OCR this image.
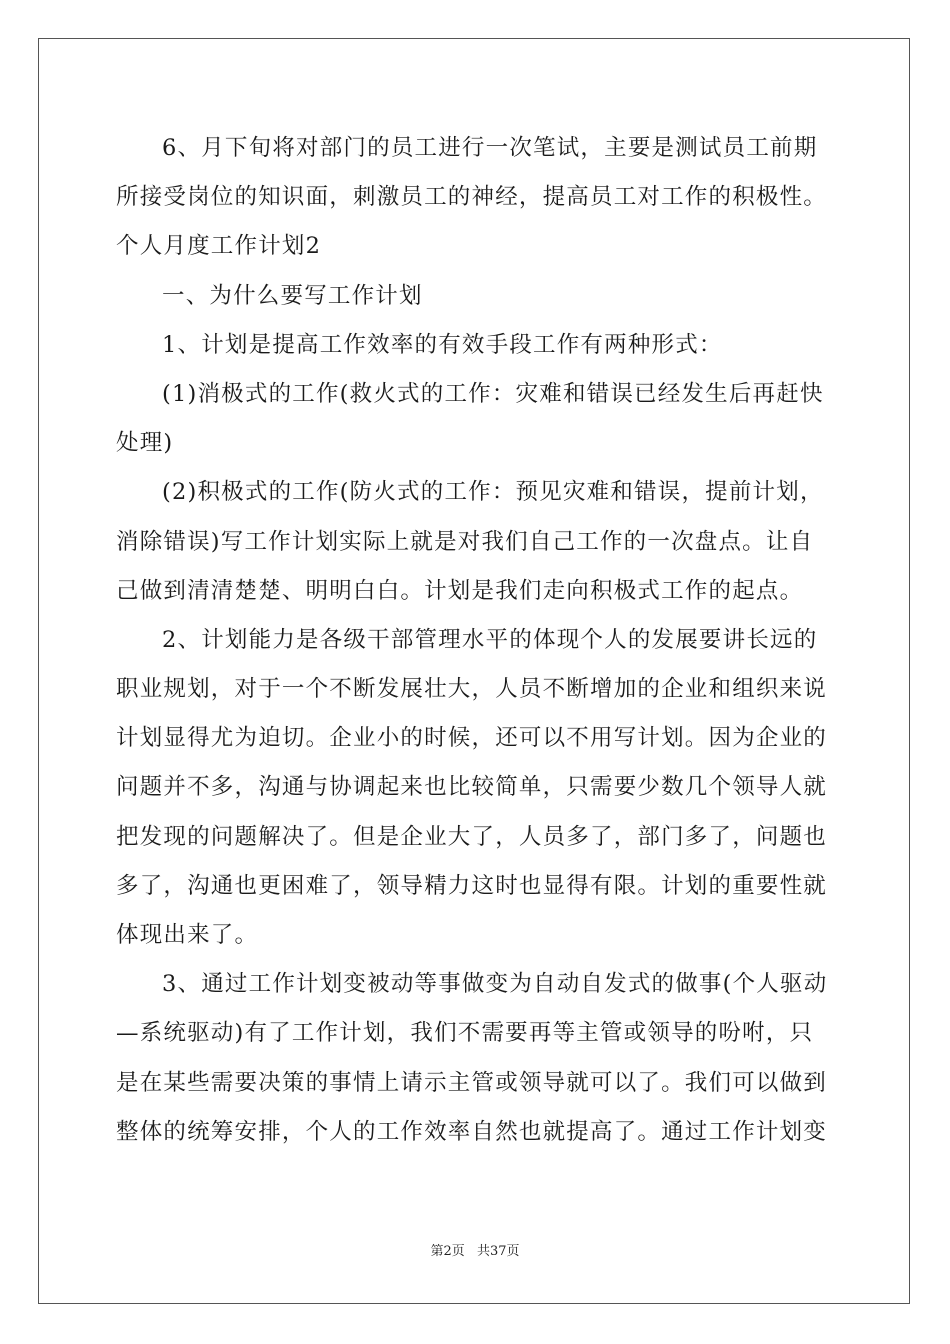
6、月下旬将对部门的员工进行一次笔试，主要是测试员工前期
所接受岗位的知识面，刺激员工的神经，提高员工对工作的积极性。
个人月度工作计划2
一、为什么要写工作计划
1、计划是提高工作效率的有效手段工作有两种形式：
(1)消极式的工作(救火式的工作：灾难和错误已经发生后再赶快
处理)
(2)积极式的工作(防火式的工作：预见灾难和错误，提前计划，
消除错误)写工作计划实际上就是对我们自己工作的一次盘点。让自
己做到清清楚楚、明明白白。计划是我们走向积极式工作的起点。
2、计划能力是各级干部管理水平的体现个人的发展要讲长远的
职业规划，对于一个不断发展壮大，人员不断增加的企业和组织来说
计划显得尤为迫切。企业小的时候，还可以不用写计划。因为企业的
问题并不多，沟通与协调起来也比较简单，只需要少数几个领导人就
把发现的问题解决了。但是企业大了，人员多了，部门多了，问题也
多了，沟通也更困难了，领导精力这时也显得有限。计划的重要性就
体现出来了。
3、通过工作计划变被动等事做变为自动自发式的做事(个人驱动
—系统驱动)有了工作计划，我们不需要再等主管或领导的吩咐，只
是在某些需要决策的事情上请示主管或领导就可以了。我们可以做到
整体的统筹安排，个人的工作效率自然也就提高了。通过工作计划变
第2页 共37页
